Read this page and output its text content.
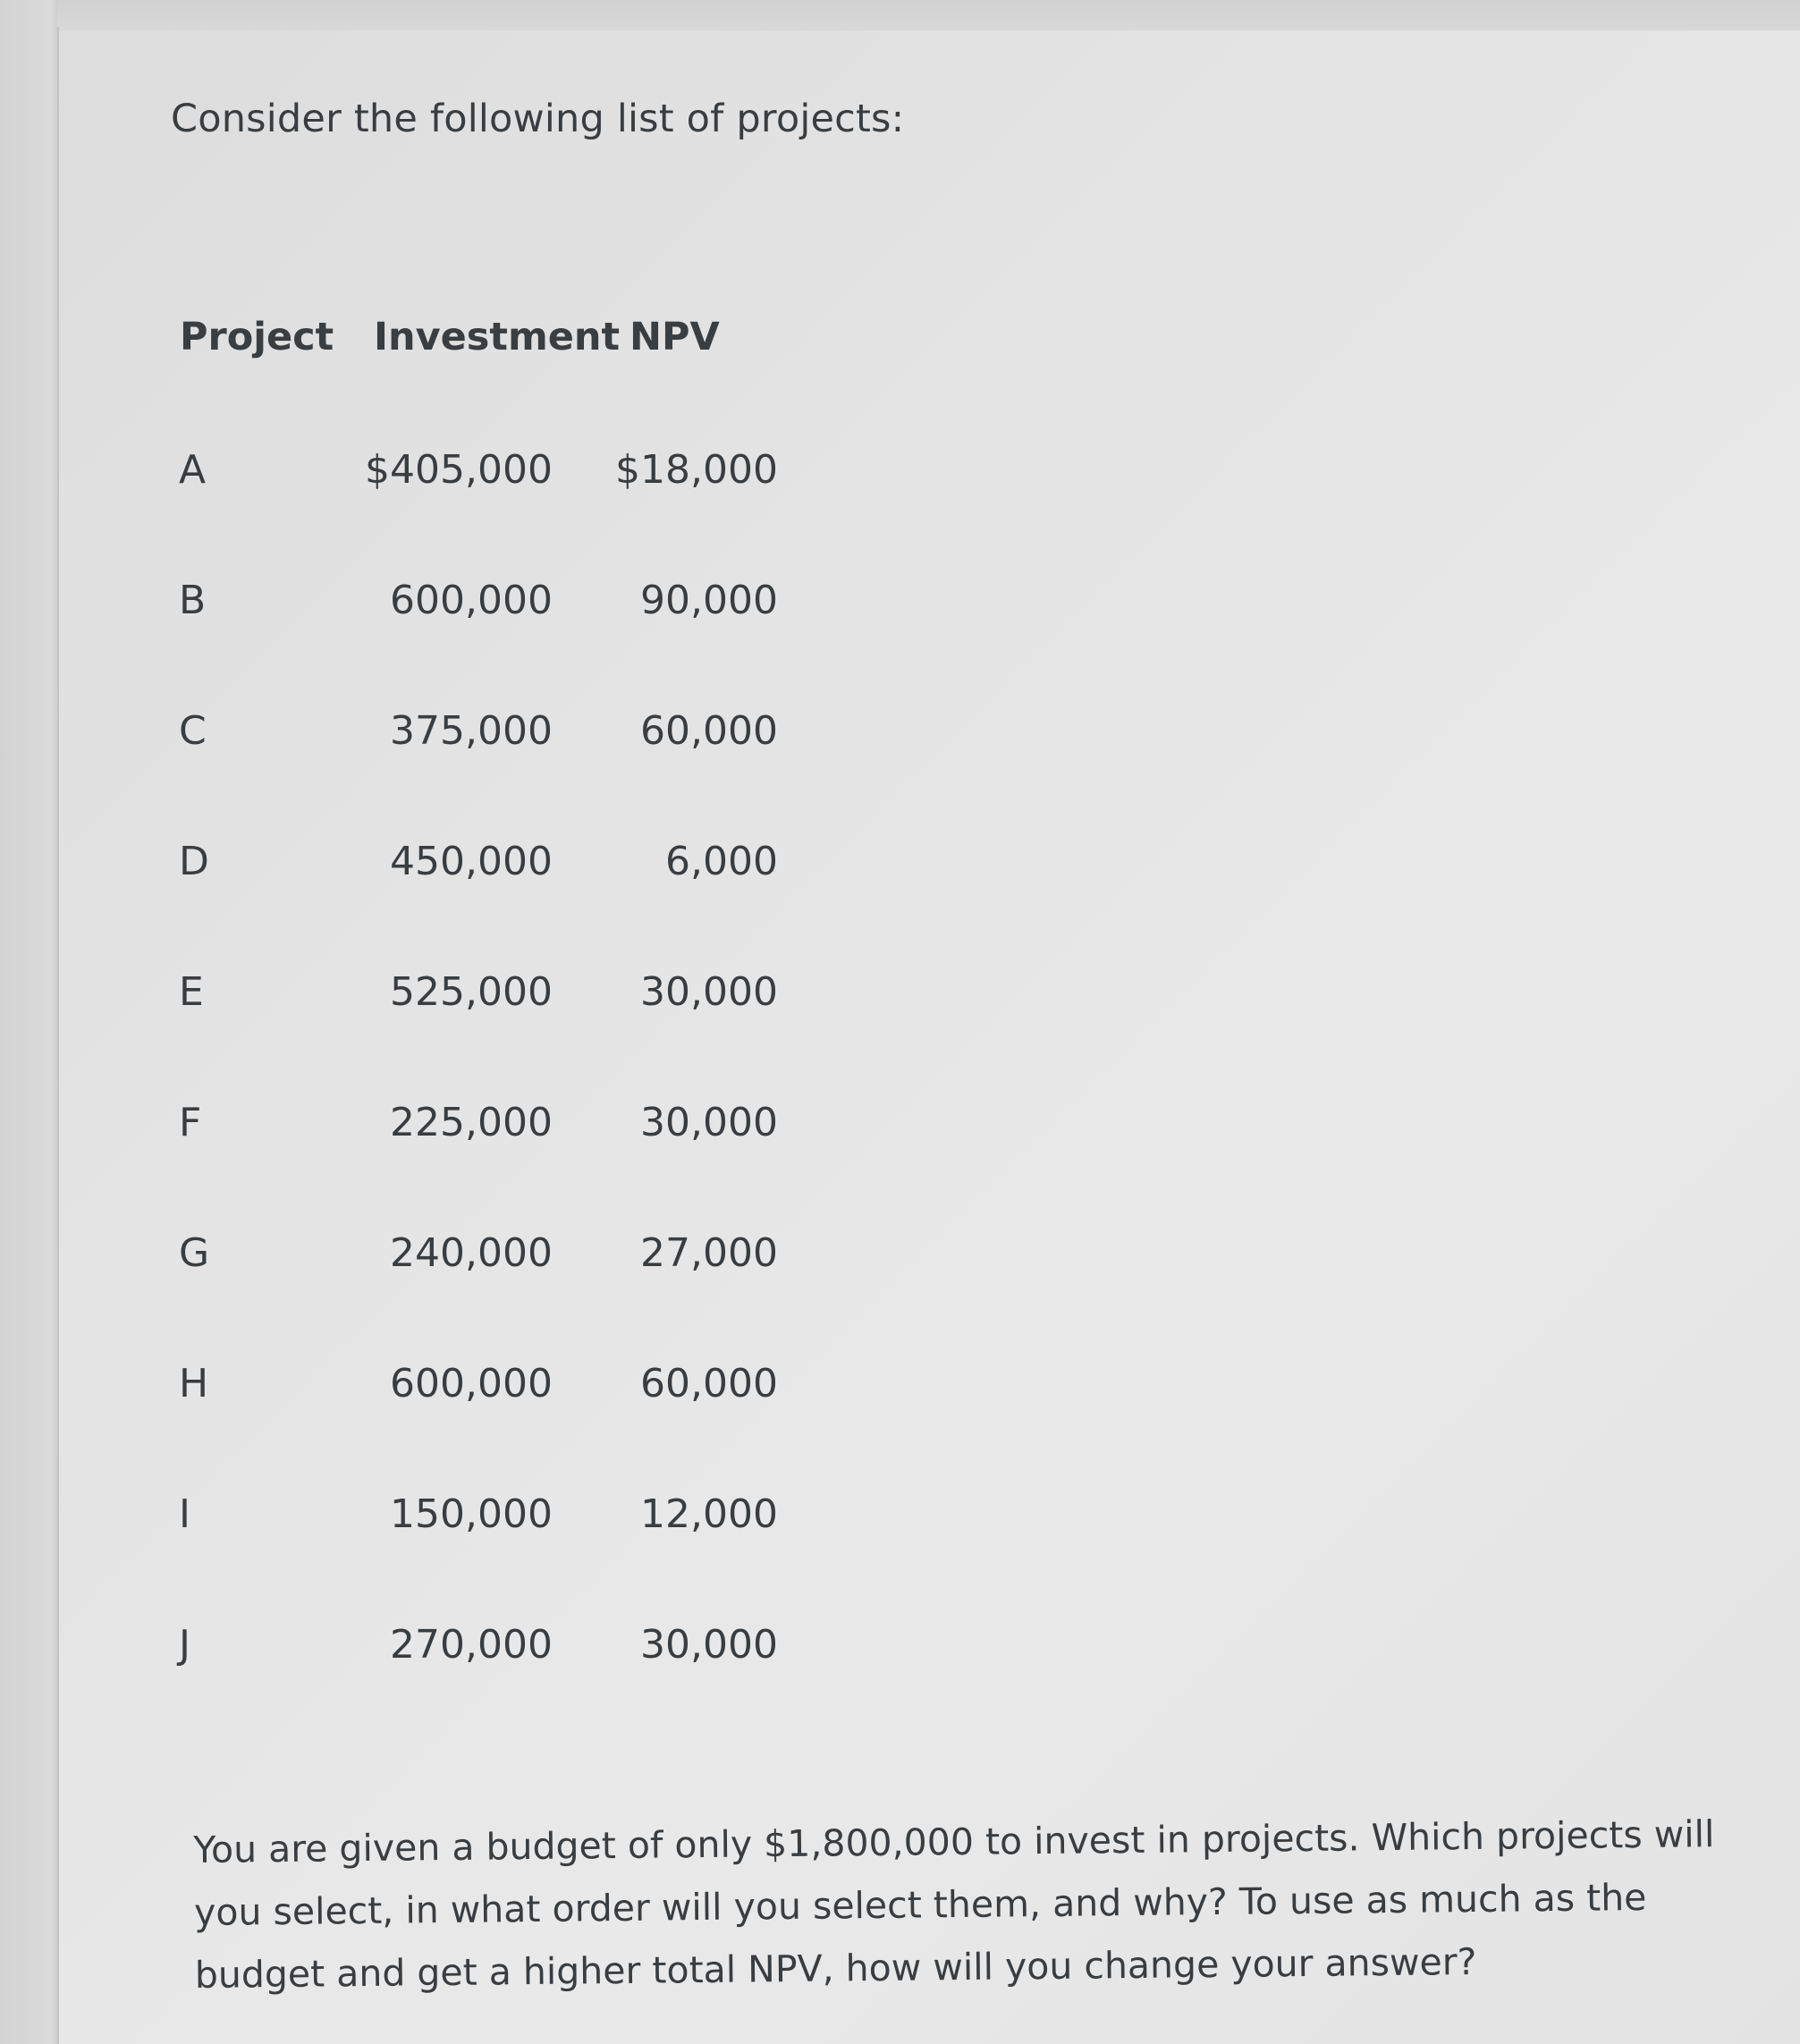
Consider the following list of projects:

Project Investment NPV
A	$405,000 $18,000
B	600,000 90,000
C	375,000 60,000
D	450,000	6,000
E	525,000 30,000
F	225,000 30,000
G	240,000 27,000
H	600,000 60,000
I	150,000 12,000
J	270,000 30,000

You are given a budget of only $1,800,000 to invest in projects. Which projects will you select, in what order will you select them, and why? To use as much as the budget and get a higher total NPV, how will you change your answer?
